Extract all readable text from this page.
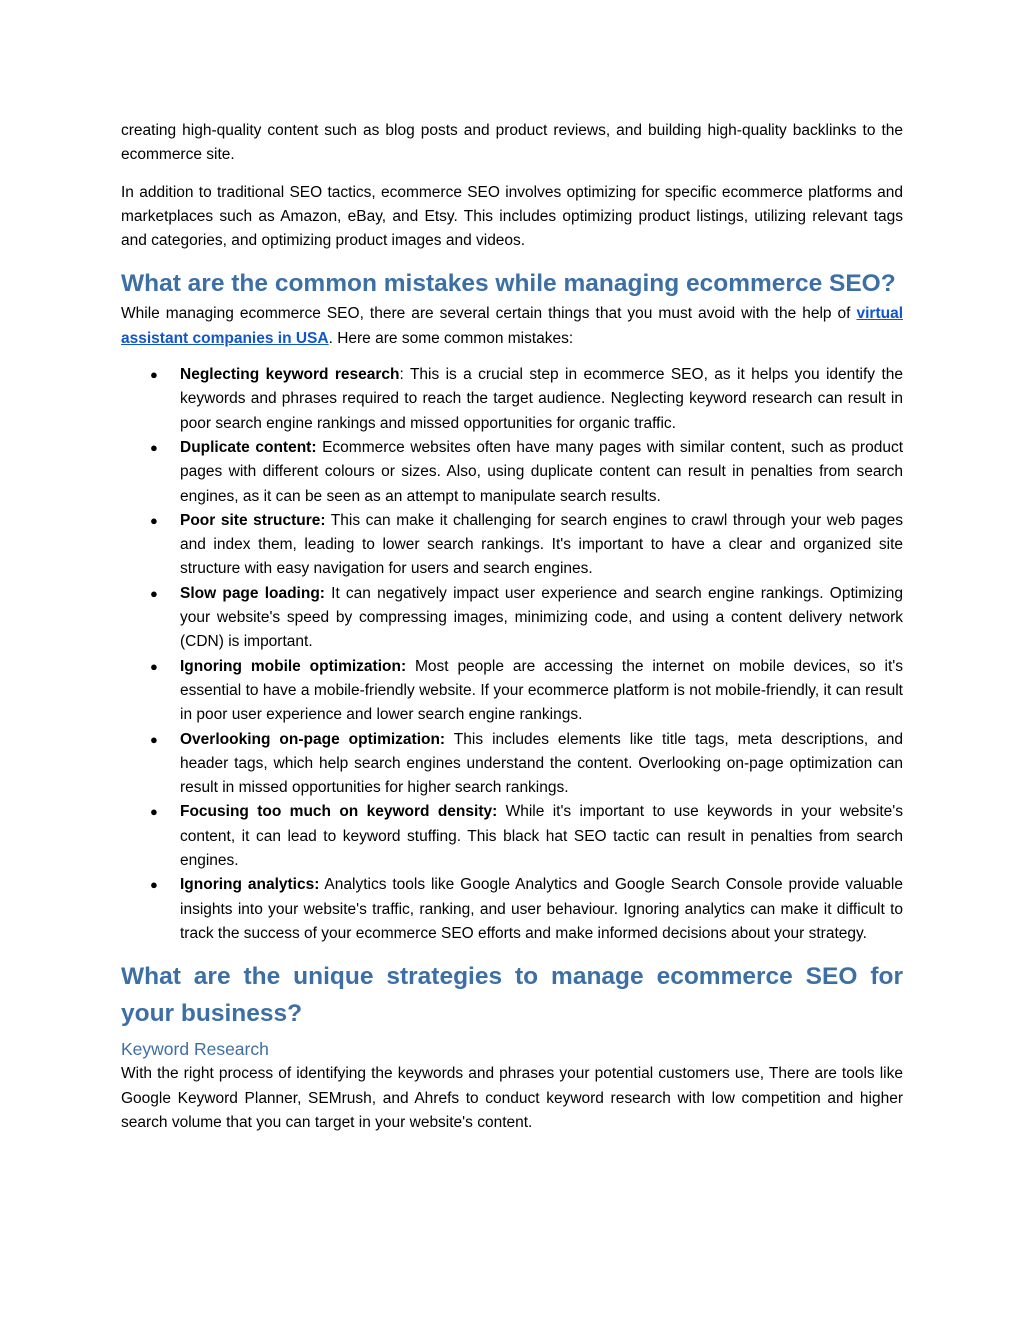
creating high-quality content such as blog posts and product reviews, and building high-quality backlinks to the ecommerce site.

In addition to traditional SEO tactics, ecommerce SEO involves optimizing for specific ecommerce platforms and marketplaces such as Amazon, eBay, and Etsy. This includes optimizing product listings, utilizing relevant tags and categories, and optimizing product images and videos.

What are the common mistakes while managing ecommerce SEO?

While managing ecommerce SEO, there are several certain things that you must avoid with the help of virtual assistant companies in USA. Here are some common mistakes:

● Neglecting keyword research: This is a crucial step in ecommerce SEO, as it helps you identify the keywords and phrases required to reach the target audience. Neglecting keyword research can result in poor search engine rankings and missed opportunities for organic traffic.
● Duplicate content: Ecommerce websites often have many pages with similar content, such as product pages with different colours or sizes. Also, using duplicate content can result in penalties from search engines, as it can be seen as an attempt to manipulate search results.
● Poor site structure: This can make it challenging for search engines to crawl through your web pages and index them, leading to lower search rankings. It's important to have a clear and organized site structure with easy navigation for users and search engines.
● Slow page loading: It can negatively impact user experience and search engine rankings. Optimizing your website's speed by compressing images, minimizing code, and using a content delivery network (CDN) is important.
● Ignoring mobile optimization: Most people are accessing the internet on mobile devices, so it's essential to have a mobile-friendly website. If your ecommerce platform is not mobile-friendly, it can result in poor user experience and lower search engine rankings.
● Overlooking on-page optimization: This includes elements like title tags, meta descriptions, and header tags, which help search engines understand the content. Overlooking on-page optimization can result in missed opportunities for higher search rankings.
● Focusing too much on keyword density: While it's important to use keywords in your website's content, it can lead to keyword stuffing. This black hat SEO tactic can result in penalties from search engines.
● Ignoring analytics: Analytics tools like Google Analytics and Google Search Console provide valuable insights into your website's traffic, ranking, and user behaviour. Ignoring analytics can make it difficult to track the success of your ecommerce SEO efforts and make informed decisions about your strategy.
What are the unique strategies to manage ecommerce SEO for your business?
Keyword Research

With the right process of identifying the keywords and phrases your potential customers use, There are tools like Google Keyword Planner, SEMrush, and Ahrefs to conduct keyword research with low competition and higher search volume that you can target in your website's content.
